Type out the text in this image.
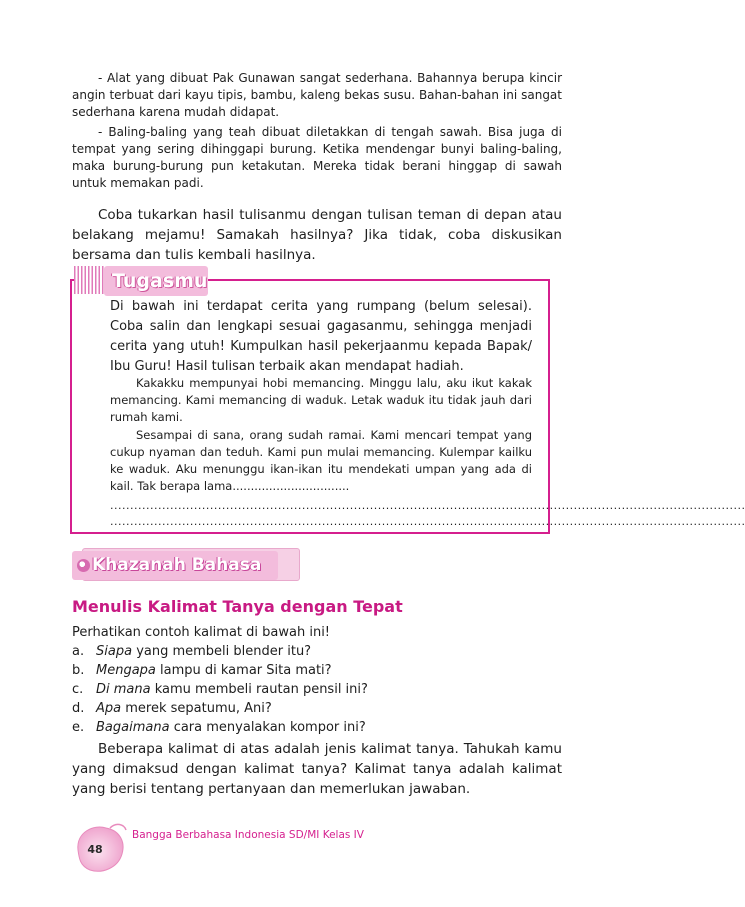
- Alat yang dibuat Pak Gunawan sangat sederhana. Bahannya berupa kincir angin terbuat dari kayu tipis, bambu, kaleng bekas susu. Bahan-bahan ini sangat sederhana karena mudah didapat.

- Baling-baling yang teah dibuat diletakkan di tengah sawah. Bisa juga di tempat yang sering dihinggapi burung. Ketika mendengar bunyi baling-baling, maka burung-burung pun ketakutan. Mereka tidak berani hinggap di sawah untuk memakan padi.

Coba tukarkan hasil tulisanmu dengan tulisan teman di depan atau belakang mejamu! Samakah hasilnya? Jika tidak, coba diskusikan bersama dan tulis kembali hasilnya.

Tugasmu

Di bawah ini terdapat cerita yang rumpang (belum selesai). Coba salin dan lengkapi sesuai gagasanmu, sehingga menjadi cerita yang utuh! Kumpulkan hasil pekerjaanmu kepada Bapak/ Ibu Guru! Hasil tulisan terbaik akan mendapat hadiah.

Kakakku mempunyai hobi memancing. Minggu lalu, aku ikut kakak memancing. Kami memancing di waduk. Letak waduk itu tidak jauh dari rumah kami.

Sesampai di sana, orang sudah ramai. Kami mencari tempat yang cukup nyaman dan teduh. Kami pun mulai memancing. Kulempar kailku ke waduk. Aku menunggu ikan-ikan itu mendekati umpan yang ada di kail. Tak berapa lama................................

...............................................................................................................................................................
...............................................................................................................................................................
Khazanah Bahasa
Menulis Kalimat Tanya dengan Tepat
Perhatikan contoh kalimat di bawah ini!
a. Siapa yang membeli blender itu?
b. Mengapa lampu di kamar Sita mati?
c. Di mana kamu membeli rautan pensil ini?
d. Apa merek sepatumu, Ani?
e. Bagaimana cara menyalakan kompor ini?

Beberapa kalimat di atas adalah jenis kalimat tanya. Tahukah kamu yang dimaksud dengan kalimat tanya? Kalimat tanya adalah kalimat yang berisi tentang pertanyaan dan memerlukan jawaban.

48
Bangga Berbahasa Indonesia SD/MI Kelas IV
